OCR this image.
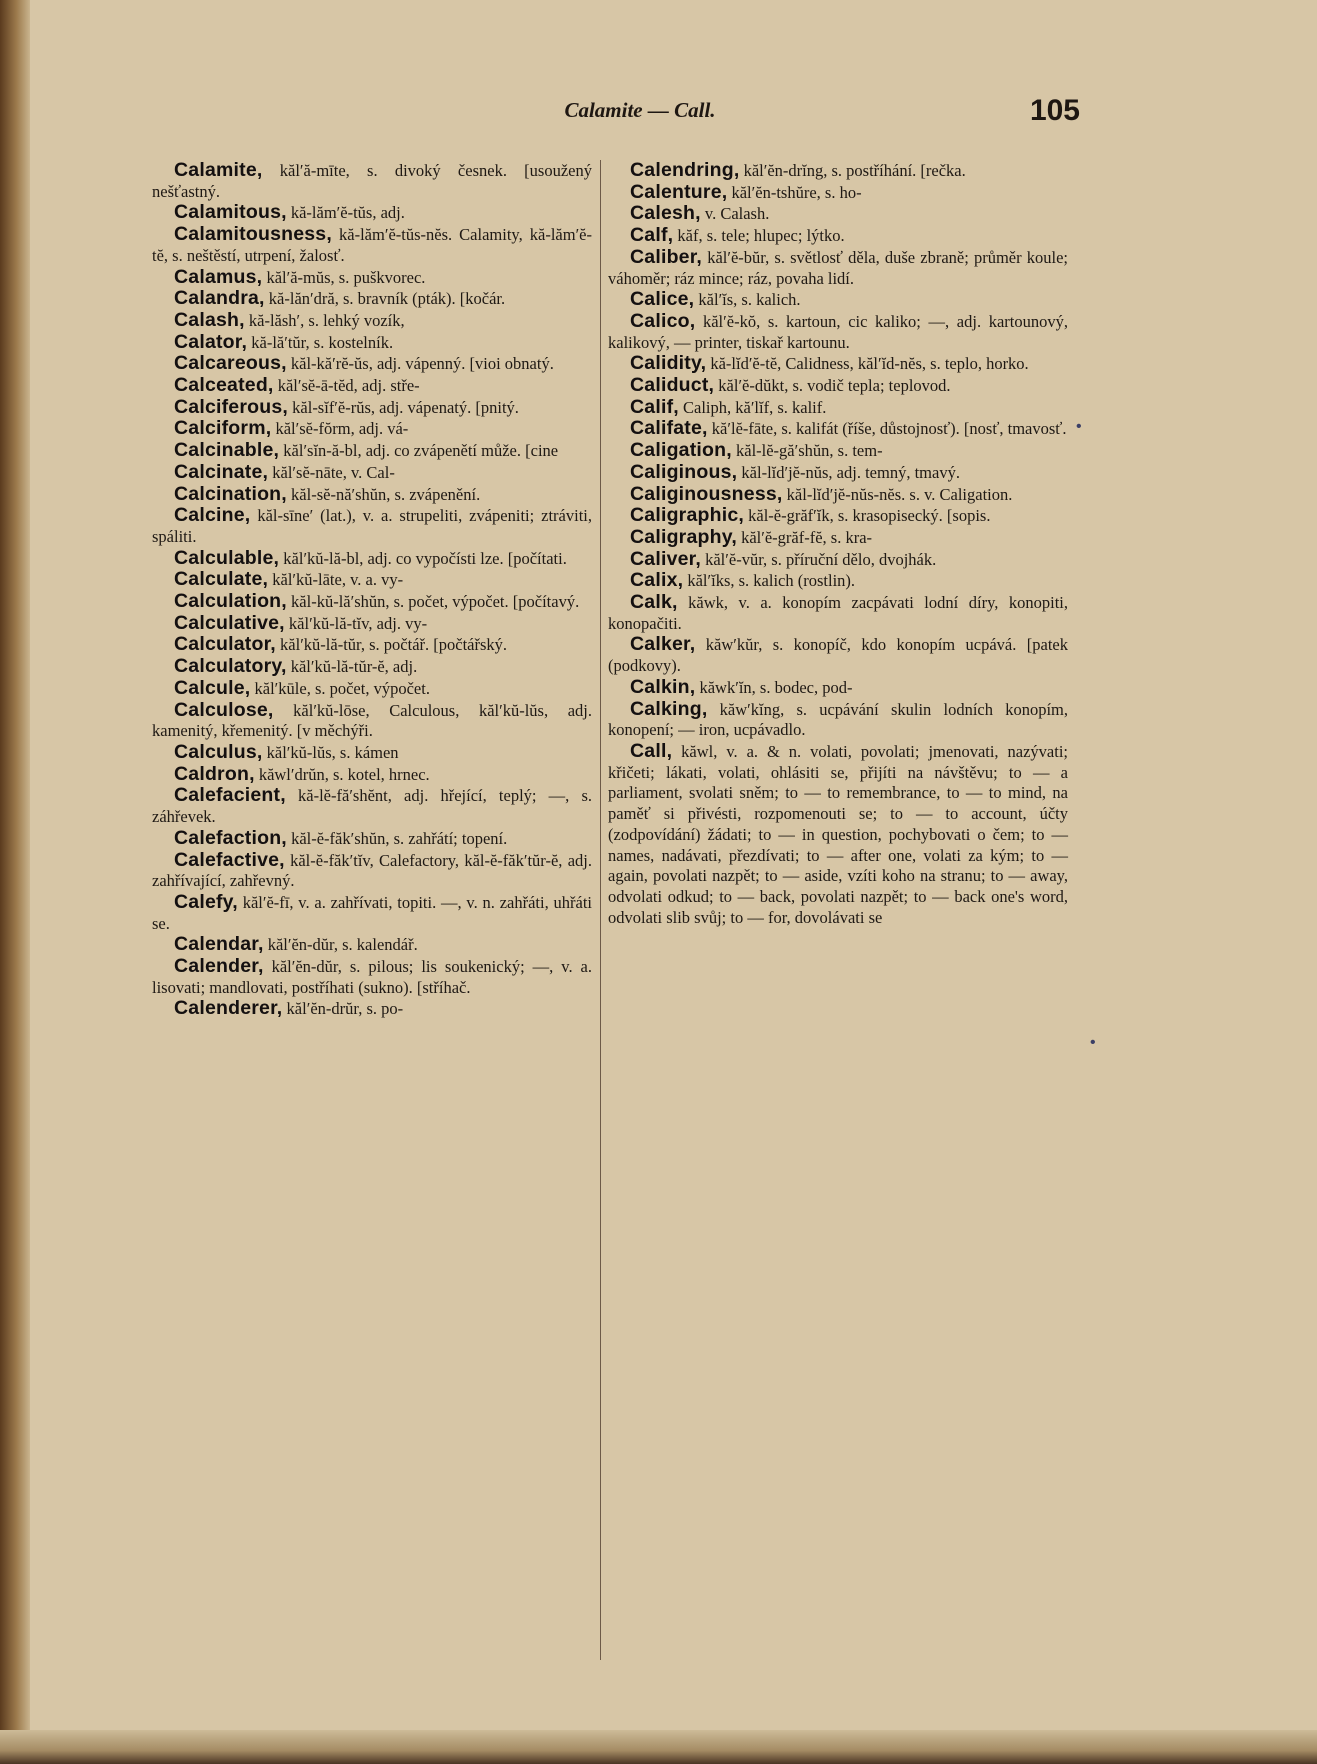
Calamite — Call.	105

Calamite, kăl′ă-mīte, s. divoký česnek. [usoužený nešťastný.

Calamitous, kă-lăm′ĕ-tŭs, adj.

Calamitousness, kă-lăm′ĕ-tŭs-nĕs. Calamity, kă-lăm′ĕ-tĕ, s. neštěstí, utrpení, žalosť.

Calamus, kăl′ă-mŭs, s. puškvorec.

Calandra, kă-lăn′dră, s. bravník (pták). [kočár.

Calash, kă-lăsh′, s. lehký vozík,

Calator, kă-lă′tŭr, s. kostelník.

Calcareous, kăl-kă′rĕ-ŭs, adj. vápenný. [vioi obnatý.

Calceated, kăl′sĕ-ā-tĕd, adj. stře-

Calciferous, kăl-sĭf′ĕ-rŭs, adj. vápenatý. [pnitý.

Calciform, kăl′sĕ-fŏrm, adj. vá-

Calcinable, kăl′sĭn-ă-bl, adj. co zvápenětí může. [cine

Calcinate, kăl′sĕ-nāte, v. Cal-

Calcination, kăl-sĕ-nă′shŭn, s. zvápenění.

Calcine, kăl-sīne′ (lat.), v. a. strupeliti, zvápeniti; ztráviti, spáliti.

Calculable, kăl′kŭ-lă-bl, adj. co vypočísti lze. [počítati.

Calculate, kăl′kŭ-lāte, v. a. vy-

Calculation, kăl-kŭ-lă′shŭn, s. počet, výpočet. [počítavý.

Calculative, kăl′kŭ-lă-tĭv, adj. vy-

Calculator, kăl′kŭ-lă-tŭr, s. počtář. [počtářský.

Calculatory, kăl′kŭ-lă-tŭr-ĕ, adj.

Calcule, kăl′kūle, s. počet, výpočet.

Calculose, kăl′kŭ-lōse, Calculous, kăl′kŭ-lŭs, adj. kamenitý, křemenitý. [v měchýři.

Calculus, kăl′kŭ-lŭs, s. kámen

Caldron, kăwl′drŭn, s. kotel, hrnec.

Calefacient, kă-lĕ-fă′shĕnt, adj. hřející, teplý; —, s. záhřevek.

Calefaction, kăl-ĕ-făk′shŭn, s. zahřátí; topení.

Calefactive, kăl-ĕ-făk′tĭv, Calefactory, kăl-ĕ-făk′tŭr-ĕ, adj. zahřívající, zahřevný.

Calefy, kăl′ĕ-fī, v. a. zahřívati, topiti. —, v. n. zahřáti, uhřáti se.

Calendar, kăl′ĕn-dŭr, s. kalendář.

Calender, kăl′ĕn-dŭr, s. pilous; lis soukenický; —, v. a. lisovati; mandlovati, postříhati (sukno). [stříhač.

Calenderer, kăl′ĕn-drŭr, s. po-

Calendring, kăl′ĕn-drĭng, s. postříhání. [rečka.

Calenture, kăl′ĕn-tshŭre, s. ho-

Calesh, v. Calash.

Calf, kăf, s. tele; hlupec; lýtko.

Caliber, kăl′ĕ-bŭr, s. světlosť děla, duše zbraně; průměr koule; váhoměr; ráz mince; ráz, povaha lidí.

Calice, kăl′ĭs, s. kalich.

Calico, kăl′ĕ-kŏ, s. kartoun, cic kaliko; —, adj. kartounový, kalikový, — printer, tiskař kartounu.

Calidity, kă-lĭd′ĕ-tĕ, Calidness, kăl′ĭd-nĕs, s. teplo, horko.

Caliduct, kăl′ĕ-dŭkt, s. vodič tepla; teplovod.

Calif, Caliph, kă′lĭf, s. kalif.

Califate, kă′lĕ-fāte, s. kalifát (říše, důstojnosť). [nosť, tmavosť.

Caligation, kăl-lĕ-gă′shŭn, s. tem-

Caliginous, kăl-lĭd′jĕ-nŭs, adj. temný, tmavý.

Caliginousness, kăl-lĭd′jĕ-nŭs-nĕs. s. v. Caligation.

Caligraphic, kăl-ĕ-grăf′ĭk, s. krasopisecký. [sopis.

Caligraphy, kăl′ĕ-grăf-fĕ, s. kra-

Caliver, kăl′ĕ-vŭr, s. příruční dělo, dvojhák.

Calix, kăl′ĭks, s. kalich (rostlin).

Calk, kăwk, v. a. konopím zacpávati lodní díry, konopiti, konopačiti.

Calker, kăw′kŭr, s. konopíč, kdo konopím ucpává. [patek (podkovy).

Calkin, kăwk′ĭn, s. bodec, pod-

Calking, kăw′kĭng, s. ucpávání skulin lodních konopím, konopení; — iron, ucpávadlo.

Call, kăwl, v. a. & n. volati, povolati; jmenovati, nazývati; křičeti; lákati, volati, ohlásiti se, přijíti na návštěvu; to — a parliament, svolati sněm; to — to remembrance, to — to mind, na paměť si přivésti, rozpomenouti se; to — to account, účty (zodpovídání) žádati; to — in question, pochybovati o čem; to — names, nadávati, přezdívati; to — after one, volati za kým; to — again, povolati nazpět; to — aside, vzíti koho na stranu; to — away, odvolati odkud; to — back, povolati nazpět; to — back one's word, odvolati slib svůj; to — for, dovolávati se

•
•
